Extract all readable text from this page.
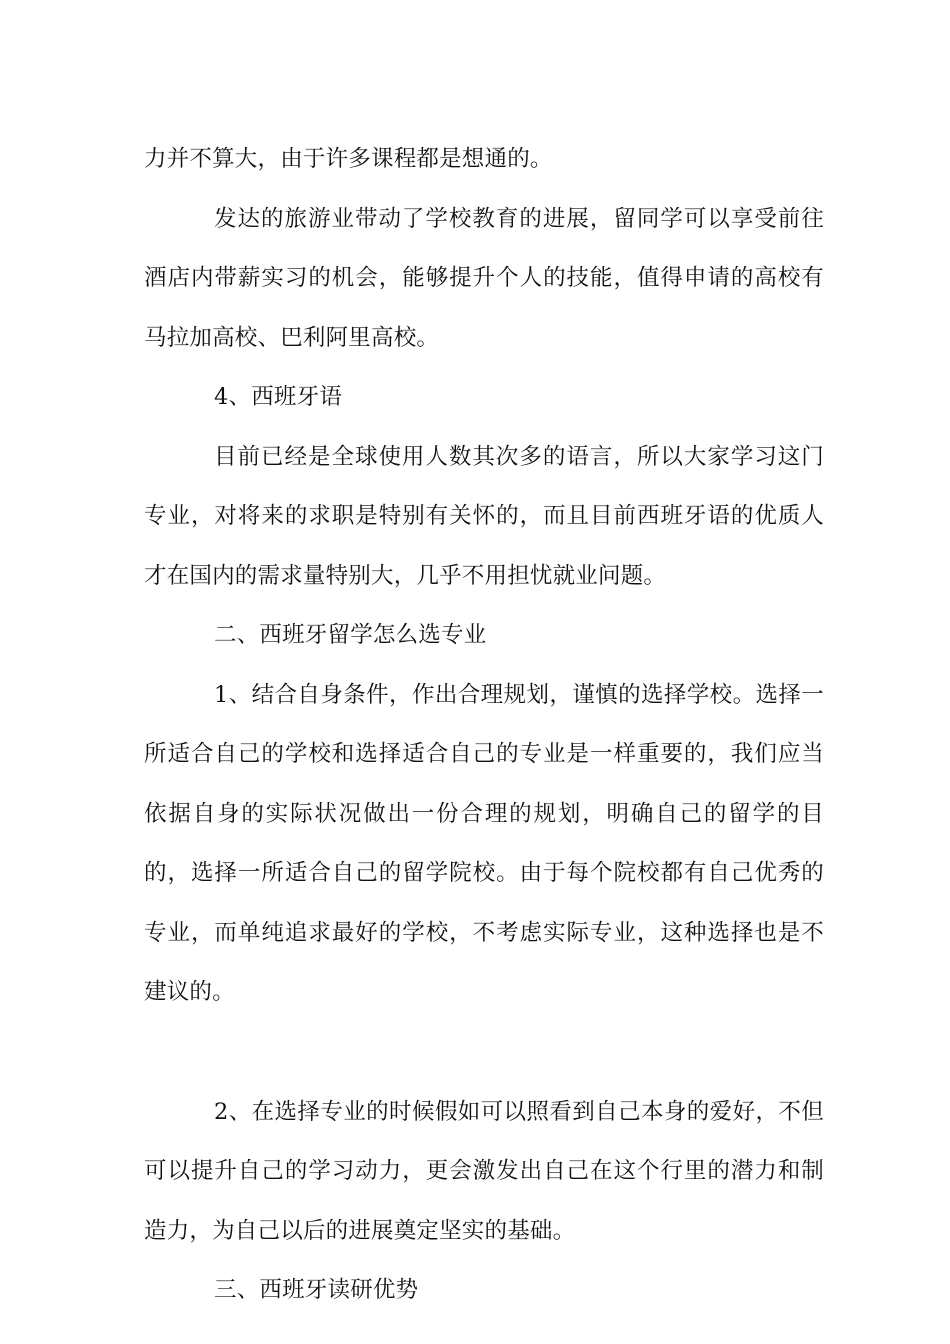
力并不算大，由于许多课程都是想通的。

发达的旅游业带动了学校教育的进展，留同学可以享受前往酒店内带薪实习的机会，能够提升个人的技能，值得申请的高校有马拉加高校、巴利阿里高校。

4、西班牙语

目前已经是全球使用人数其次多的语言，所以大家学习这门专业，对将来的求职是特别有关怀的，而且目前西班牙语的优质人才在国内的需求量特别大，几乎不用担忧就业问题。

二、西班牙留学怎么选专业

1、结合自身条件，作出合理规划，谨慎的选择学校。选择一所适合自己的学校和选择适合自己的专业是一样重要的，我们应当依据自身的实际状况做出一份合理的规划，明确自己的留学的目的，选择一所适合自己的留学院校。由于每个院校都有自己优秀的专业，而单纯追求最好的学校，不考虑实际专业，这种选择也是不建议的。

2、在选择专业的时候假如可以照看到自己本身的爱好，不但可以提升自己的学习动力，更会激发出自己在这个行里的潜力和制造力，为自己以后的进展奠定坚实的基础。

三、西班牙读研优势
